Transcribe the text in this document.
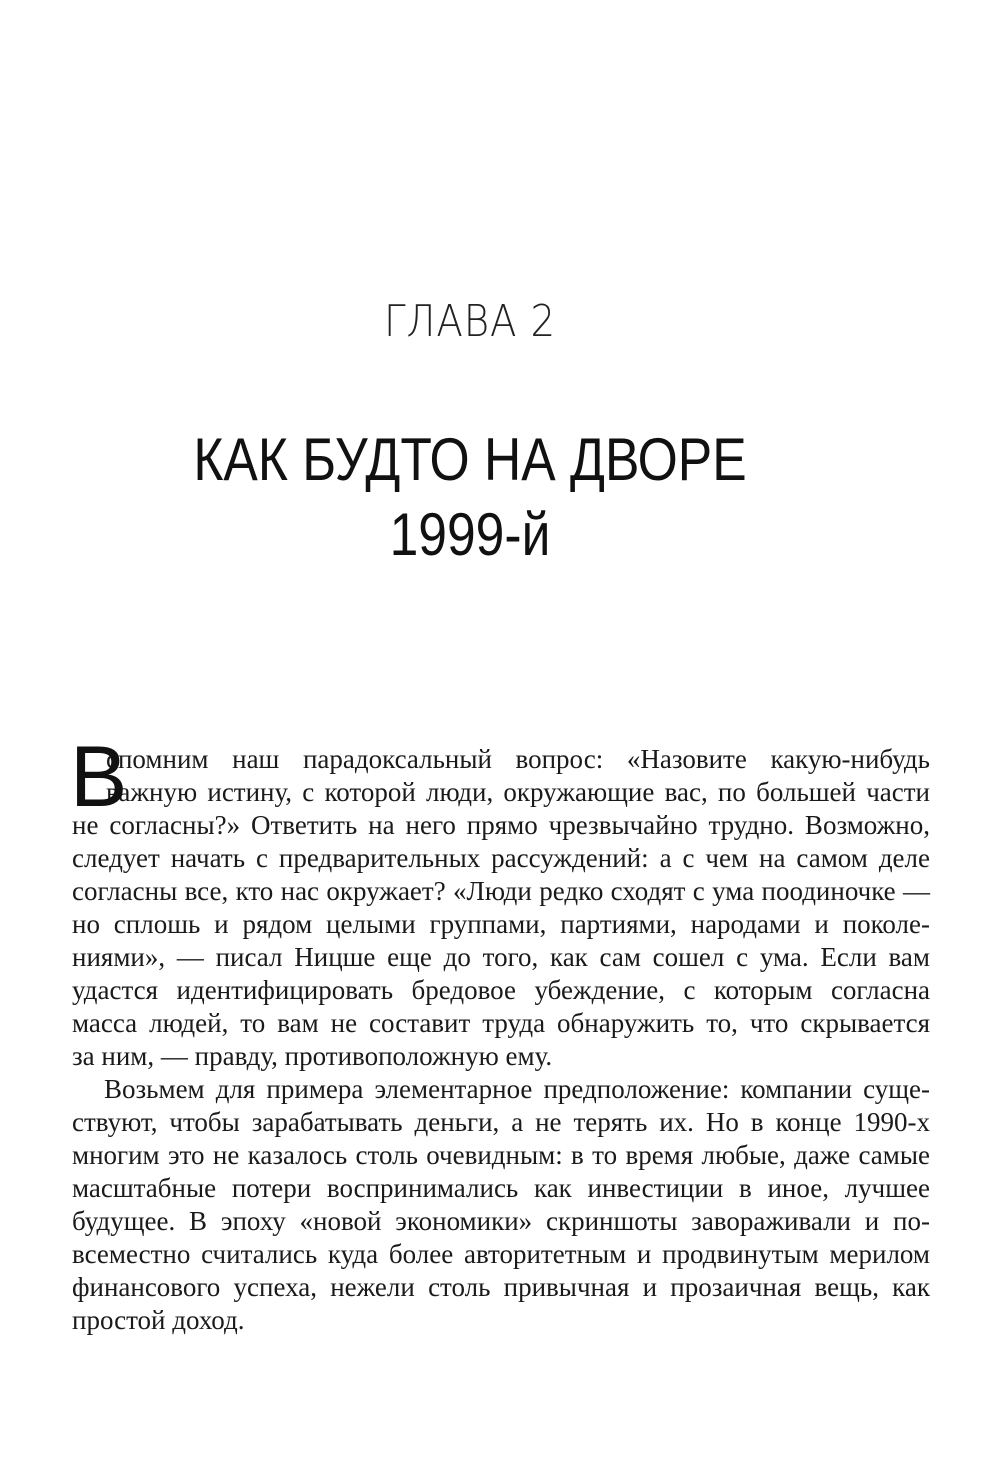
ГЛАВА 2
КАК БУДТО НА ДВОРЕ
1999-й
В
спомним наш парадоксальный вопрос: «Назовите какую-нибудь
важную истину, с которой люди, окружающие вас, по большей части
не согласны?» Ответить на него прямо чрезвычайно трудно. Возможно,
следует начать с предварительных рассуждений: а с чем на самом деле
согласны все, кто нас окружает? «Люди редко сходят с ума поодиночке —
но сплошь и рядом целыми группами, партиями, народами и поколе-
ниями», — писал Ницше еще до того, как сам сошел с ума. Если вам
удастся идентифицировать бредовое убеждение, с которым согласна
масса людей, то вам не составит труда обнаружить то, что скрывается
за ним, — правду, противоположную ему.
Возьмем для примера элементарное предположение: компании суще-
ствуют, чтобы зарабатывать деньги, а не терять их. Но в конце 1990-х
многим это не казалось столь очевидным: в то время любые, даже самые
масштабные потери воспринимались как инвестиции в иное, лучшее
будущее. В эпоху «новой экономики» скриншоты завораживали и по-
всеместно считались куда более авторитетным и продвинутым мерилом
финансового успеха, нежели столь привычная и прозаичная вещь, как
простой доход.
